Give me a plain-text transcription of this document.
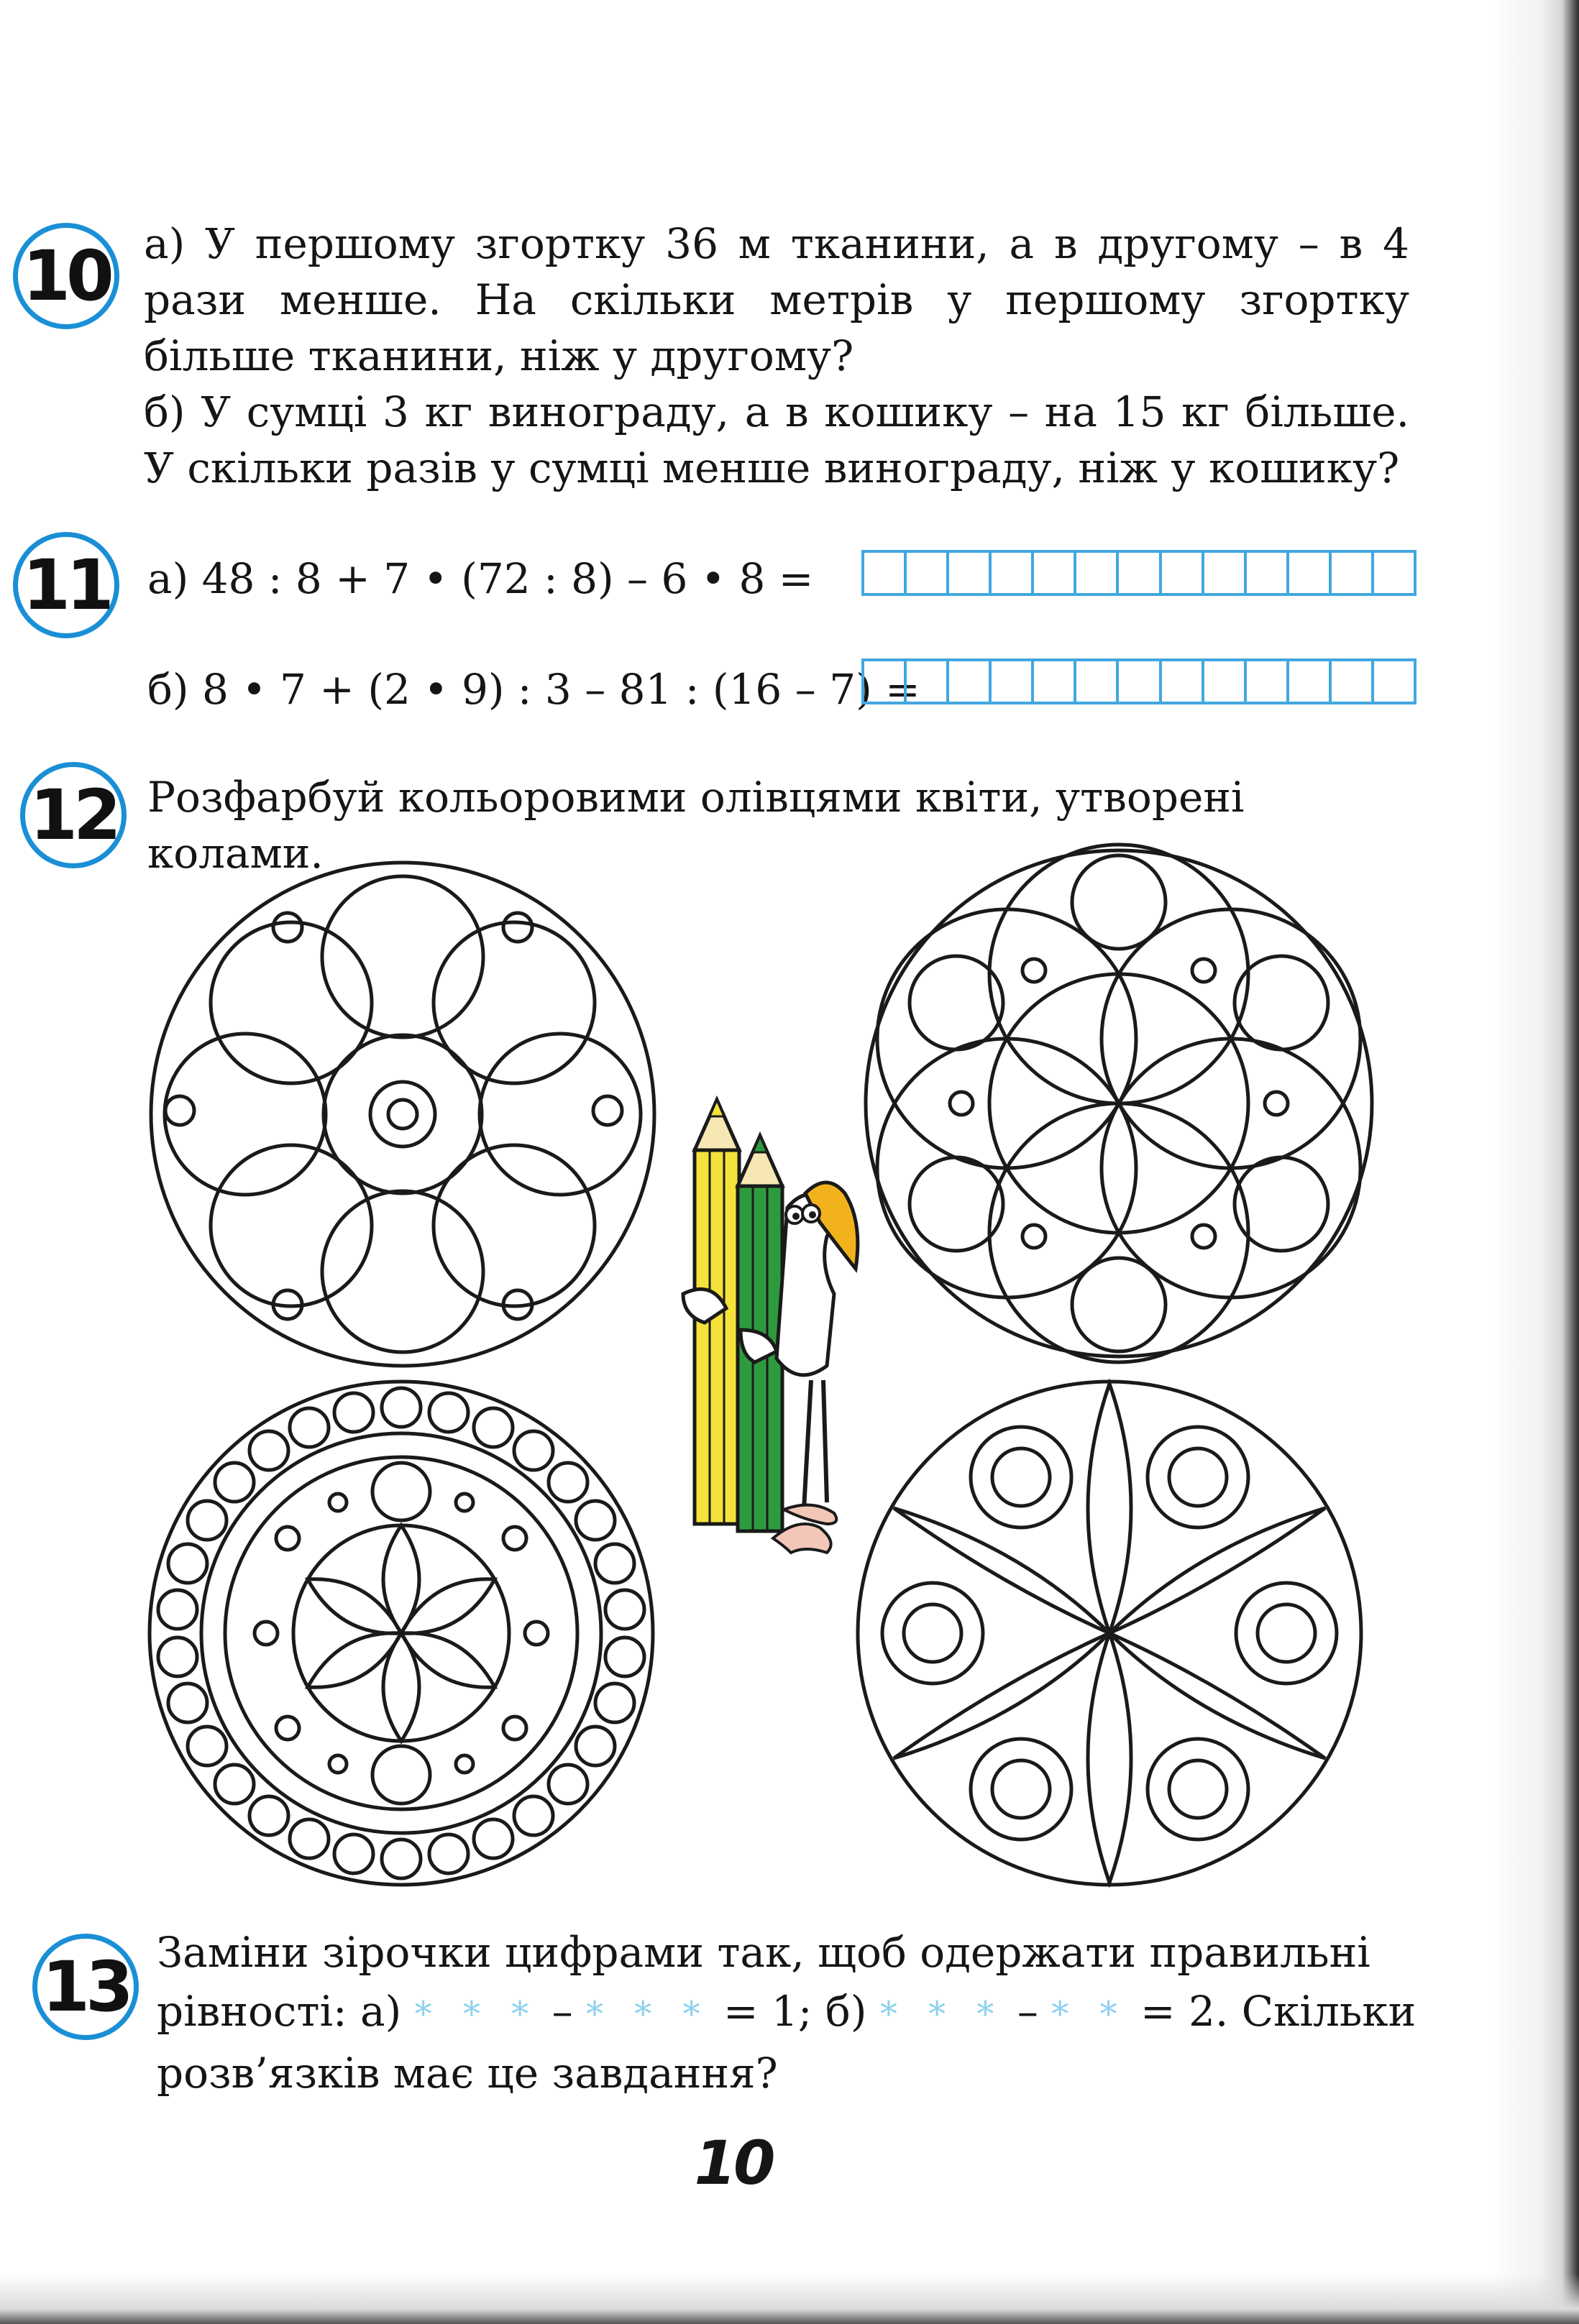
10 а) У першому згортку 36 м тканини, а в другому – в 4 рази менше. На скільки метрів у першому згортку більше тканини, ніж у другому?

б) У сумці 3 кг винограду, а в кошику – на 15 кг більше. У скільки разів у сумці менше винограду, ніж у кошику?

11 а) 48 : 8 + 7 • (72 : 8) – 6 • 8 =
б) 8 • 7 + (2 • 9) : 3 – 81 : (16 – 7) =
12 Розфарбуй кольоровими олівцями квіти, утворені колами.
13 Заміни зірочки цифрами так, щоб одержати правильні

рівності: а) * * * – * * * = 1; б) * * * – * * = 2. Скільки

розв’язків має це завдання?

10
